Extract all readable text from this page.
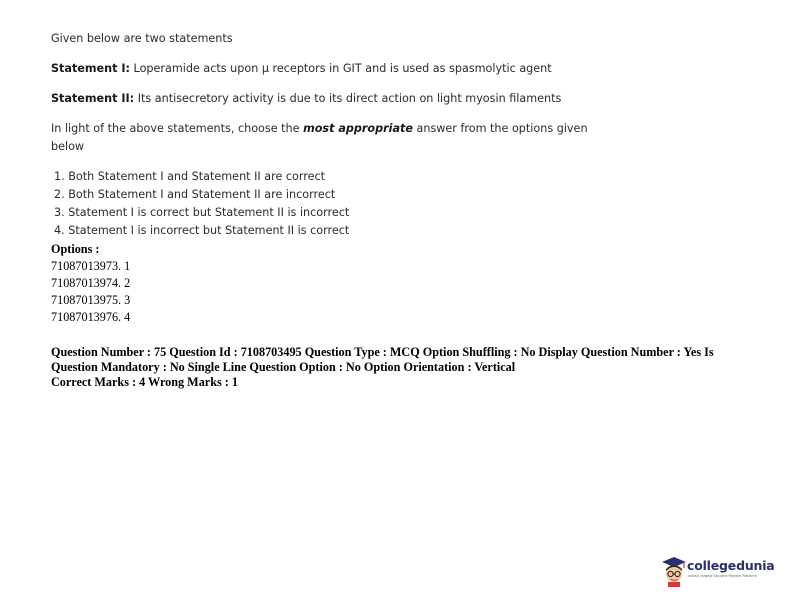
Given below are two statements
Statement I: Loperamide acts upon μ receptors in GIT and is used as spasmolytic agent
Statement II: Its antisecretory activity is due to its direct action on light myosin filaments
In light of the above statements, choose the most appropriate answer from the options given
below
1. Both Statement I and Statement II are correct
2. Both Statement I and Statement II are incorrect
3. Statement I is correct but Statement II is incorrect
4. Statement I is incorrect but Statement II is correct
Options :
71087013973. 1
71087013974. 2
71087013975. 3
71087013976. 4
Question Number : 75 Question Id : 7108703495 Question Type : MCQ Option Shuffling : No Display Question Number : Yes Is
Question Mandatory : No Single Line Question Option : No Option Orientation : Vertical
Correct Marks : 4 Wrong Marks : 1
collegedunia
India's largest Student Review Platform
